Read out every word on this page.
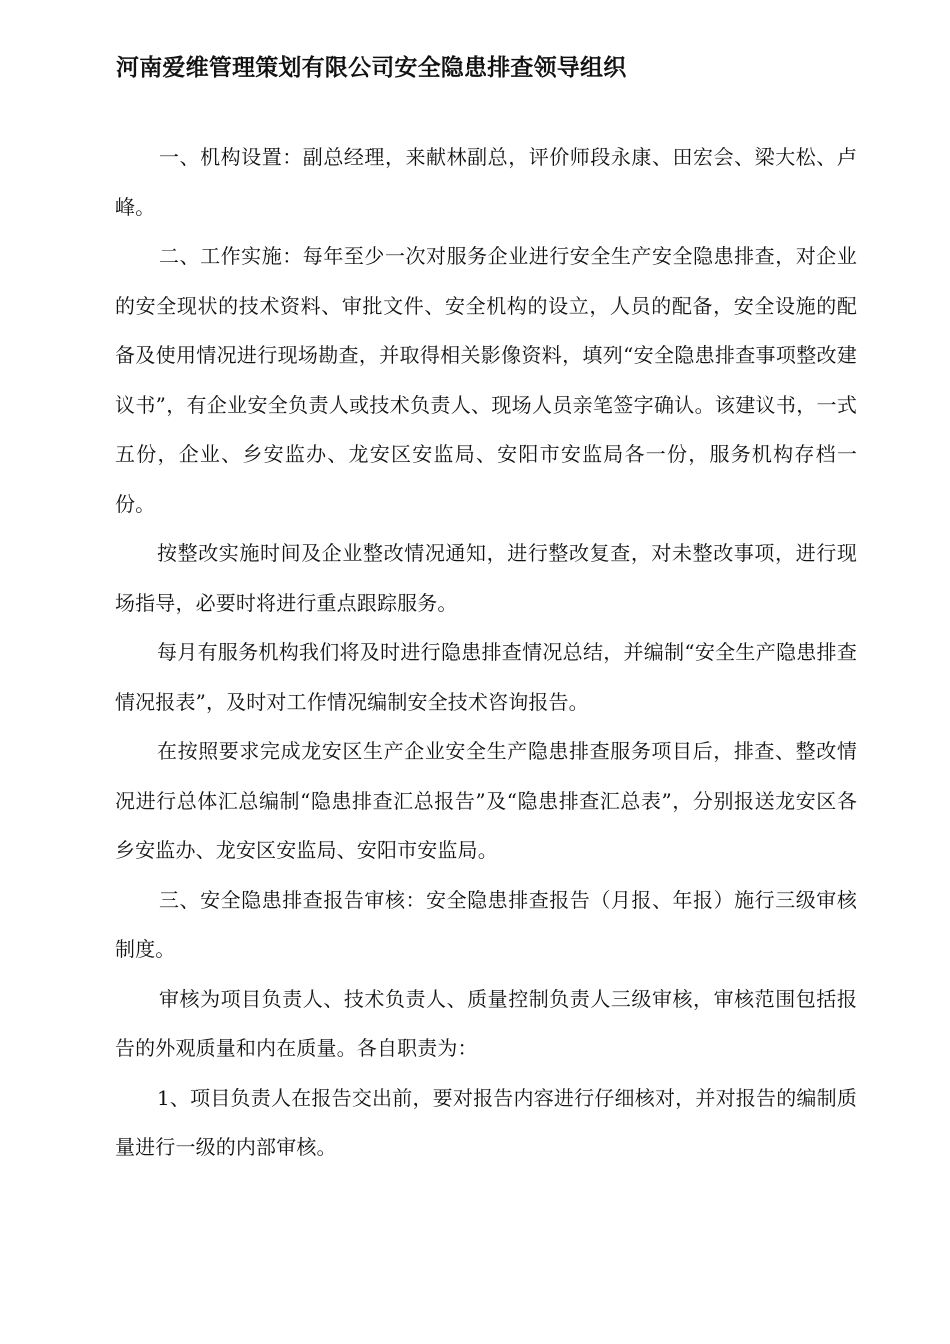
河南爱维管理策划有限公司安全隐患排查领导组织

一、机构设置：副总经理，来献林副总，评价师段永康、田宏会、梁大松、卢峰。

二、工作实施：每年至少一次对服务企业进行安全生产安全隐患排查，对企业的安全现状的技术资料、审批文件、安全机构的设立，人员的配备，安全设施的配备及使用情况进行现场勘查，并取得相关影像资料，填列“安全隐患排查事项整改建议书”，有企业安全负责人或技术负责人、现场人员亲笔签字确认。该建议书，一式五份，企业、乡安监办、龙安区安监局、安阳市安监局各一份，服务机构存档一份。

按整改实施时间及企业整改情况通知，进行整改复查，对未整改事项，进行现场指导，必要时将进行重点跟踪服务。

每月有服务机构我们将及时进行隐患排查情况总结，并编制“安全生产隐患排查情况报表”，及时对工作情况编制安全技术咨询报告。

在按照要求完成龙安区生产企业安全生产隐患排查服务项目后，排查、整改情况进行总体汇总编制“隐患排查汇总报告”及“隐患排查汇总表”，分别报送龙安区各乡安监办、龙安区安监局、安阳市安监局。

三、安全隐患排查报告审核：安全隐患排查报告（月报、年报）施行三级审核制度。

审核为项目负责人、技术负责人、质量控制负责人三级审核，审核范围包括报告的外观质量和内在质量。各自职责为：

1、项目负责人在报告交出前，要对报告内容进行仔细核对，并对报告的编制质量进行一级的内部审核。
